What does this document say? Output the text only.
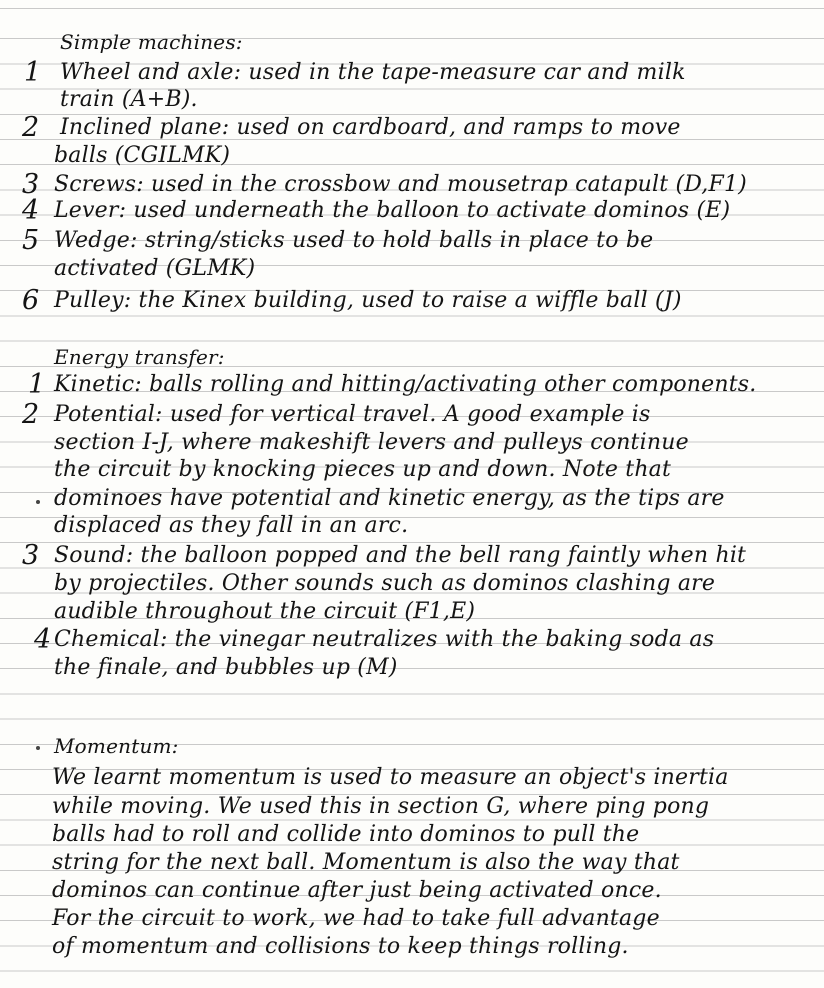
Simple machines:
1 Wheel and axle: used in the tape-measure car and milk
train (A+B).
2 Inclined plane: used on cardboard, and ramps to move
balls (CGILMK)
3 Screws: used in the crossbow and mousetrap catapult (D,F1)
4 Lever: used underneath the balloon to activate dominos (E)
5 Wedge: string/sticks used to hold balls in place to be
activated (GLMK)
6 Pulley: the Kinex building, used to raise a wiffle ball (J)
Energy transfer:
1 Kinetic: balls rolling and hitting/activating other components.
2 Potential: used for vertical travel. A good example is
section I-J, where makeshift levers and pulleys continue
the circuit by knocking pieces up and down. Note that
dominoes have potential and kinetic energy, as the tips are
displaced as they fall in an arc.
3 Sound: the balloon popped and the bell rang faintly when hit
by projectiles. Other sounds such as dominos clashing are
audible throughout the circuit (F1,E)
4 Chemical: the vinegar neutralizes with the baking soda as
the finale, and bubbles up (M)
Momentum:
We learnt momentum is used to measure an object's inertia
while moving. We used this in section G, where ping pong
balls had to roll and collide into dominos to pull the
string for the next ball. Momentum is also the way that
dominos can continue after just being activated once.
For the circuit to work, we had to take full advantage
of momentum and collisions to keep things rolling.
